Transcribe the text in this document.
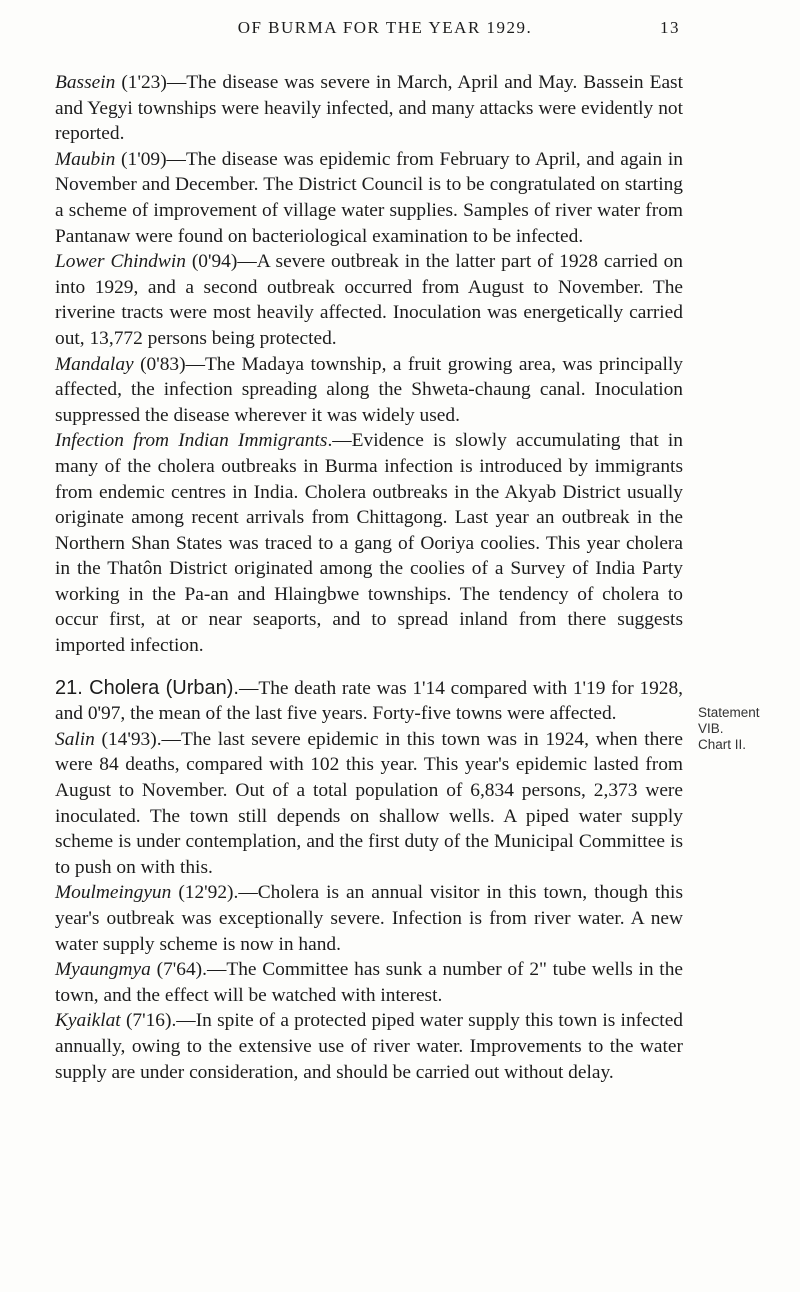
OF BURMA FOR THE YEAR 1929.	13

Bassein (1'23)—The disease was severe in March, April and May. Bassein East and Yegyi townships were heavily infected, and many attacks were evidently not reported.

Maubin (1'09)—The disease was epidemic from February to April, and again in November and December. The District Council is to be congratulated on starting a scheme of improvement of village water supplies. Samples of river water from Pantanaw were found on bacteriological examination to be infected.

Lower Chindwin (0'94)—A severe outbreak in the latter part of 1928 carried on into 1929, and a second outbreak occurred from August to November. The riverine tracts were most heavily affected. Inoculation was energetically carried out, 13,772 persons being protected.

Mandalay (0'83)—The Madaya township, a fruit growing area, was principally affected, the infection spreading along the Shweta-chaung canal. Inoculation suppressed the disease wherever it was widely used.

Infection from Indian Immigrants.—Evidence is slowly accumulating that in many of the cholera outbreaks in Burma infection is introduced by immigrants from endemic centres in India. Cholera outbreaks in the Akyab District usually originate among recent arrivals from Chittagong. Last year an outbreak in the Northern Shan States was traced to a gang of Ooriya coolies. This year cholera in the Thatôn District originated among the coolies of a Survey of India Party working in the Pa-an and Hlaingbwe townships. The tendency of cholera to occur first, at or near seaports, and to spread inland from there suggests imported infection.

21. Cholera (Urban).—The death rate was 1'14 compared with 1'19 for 1928, and 0'97, the mean of the last five years. Forty-five towns were affected.

Salin (14'93).—The last severe epidemic in this town was in 1924, when there were 84 deaths, compared with 102 this year. This year's epidemic lasted from August to November. Out of a total population of 6,834 persons, 2,373 were inoculated. The town still depends on shallow wells. A piped water supply scheme is under contemplation, and the first duty of the Municipal Committee is to push on with this.

Moulmeingyun (12'92).—Cholera is an annual visitor in this town, though this year's outbreak was exceptionally severe. Infection is from river water. A new water supply scheme is now in hand.

Myaungmya (7'64).—The Committee has sunk a number of 2" tube wells in the town, and the effect will be watched with interest.

Kyaiklat (7'16).—In spite of a protected piped water supply this town is infected annually, owing to the extensive use of river water. Improvements to the water supply are under consideration, and should be carried out without delay.

Statement
VIB.
Chart II.
